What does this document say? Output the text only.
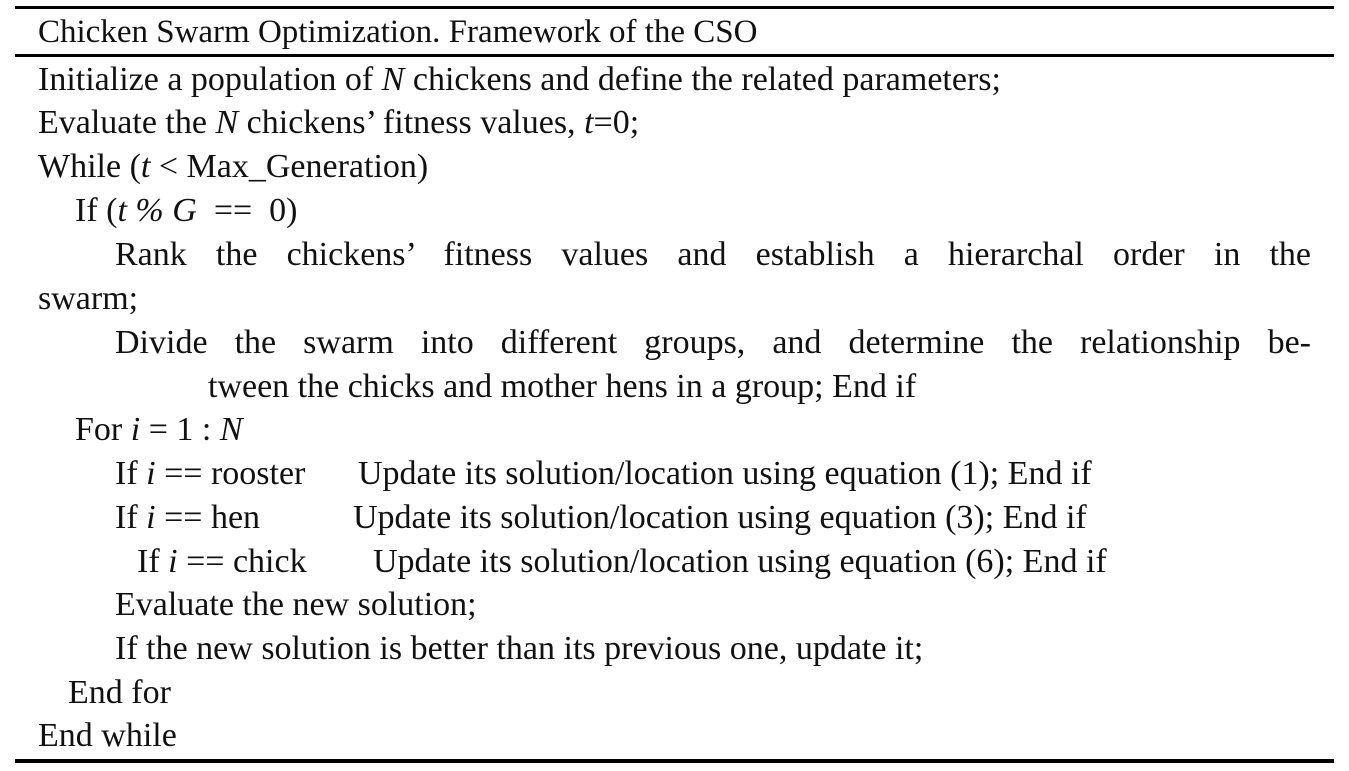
Chicken Swarm Optimization. Framework of the CSO

Initialize a population of N chickens and define the related parameters;

Evaluate the N chickens’ fitness values, t=0;

While (t < Max_Generation)

If (t % G  ==  0)

Rank the chickens’ fitness values and establish a hierarchal order in the

swarm;

Divide the swarm into different groups, and determine the relationship be-

tween the chicks and mother hens in a group; End if

For i = 1 : N

If i == rooster Update its solution/location using equation (1); End if
If i == hen	Update its solution/location using equation (3); End if
If i == chick Update its solution/location using equation (6); End if

Evaluate the new solution;

If the new solution is better than its previous one, update it;

End for

End while
